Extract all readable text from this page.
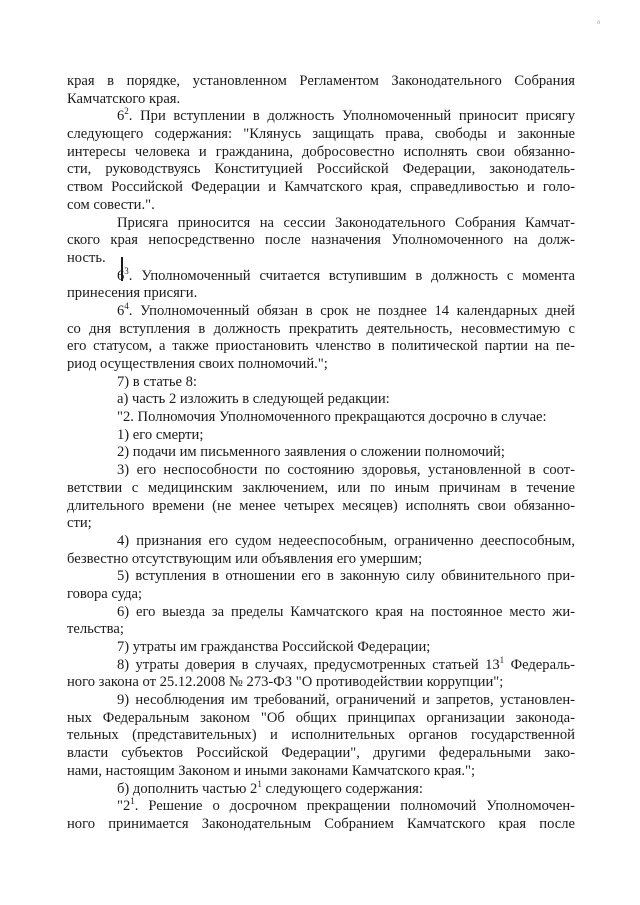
ᵃ
края в порядке, установленном Регламентом Законодательного Собрания
Камчатского края.
$6^2$. При вступлении в должность Уполномоченный приносит присягу
следующего содержания: "Клянусь защищать права, свободы и законные
интересы человека и гражданина, добросовестно исполнять свои обязанно-
сти, руководствуясь Конституцией Российской Федерации, законодатель-
ством Российской Федерации и Камчатского края, справедливостью и голо-
сом совести.".
Присяга приносится на сессии Законодательного Собрания Камчат-
ского края непосредственно после назначения Уполномоченного на долж-
ность.
$6^3$. Уполномоченный считается вступившим в должность с момента
принесения присяги.
$6^4$. Уполномоченный обязан в срок не позднее 14 календарных дней
со дня вступления в должность прекратить деятельность, несовместимую с
его статусом, а также приостановить членство в политической партии на пе-
риод осуществления своих полномочий.";
7) в статье 8:
а) часть 2 изложить в следующей редакции:
"2. Полномочия Уполномоченного прекращаются досрочно в случае:
1) его смерти;
2) подачи им письменного заявления о сложении полномочий;
3) его неспособности по состоянию здоровья, установленной в соот-
ветствии с медицинским заключением, или по иным причинам в течение
длительного времени (не менее четырех месяцев) исполнять свои обязанно-
сти;
4) признания его судом недееспособным, ограниченно дееспособным,
безвестно отсутствующим или объявления его умершим;
5) вступления в отношении его в законную силу обвинительного при-
говора суда;
6) его выезда за пределы Камчатского края на постоянное место жи-
тельства;
7) утраты им гражданства Российской Федерации;
8) утраты доверия в случаях, предусмотренных статьей $13^1$ Федераль-
ного закона от 25.12.2008 № 273-ФЗ "О противодействии коррупции";
9) несоблюдения им требований, ограничений и запретов, установлен-
ных Федеральным законом "Об общих принципах организации законода-
тельных (представительных) и исполнительных органов государственной
власти субъектов Российской Федерации", другими федеральными зако-
нами, настоящим Законом и иными законами Камчатского края.";
б) дополнить частью $2^1$ следующего содержания:
"$2^1$. Решение о досрочном прекращении полномочий Уполномочен-
ного принимается Законодательным Собранием Камчатского края после
